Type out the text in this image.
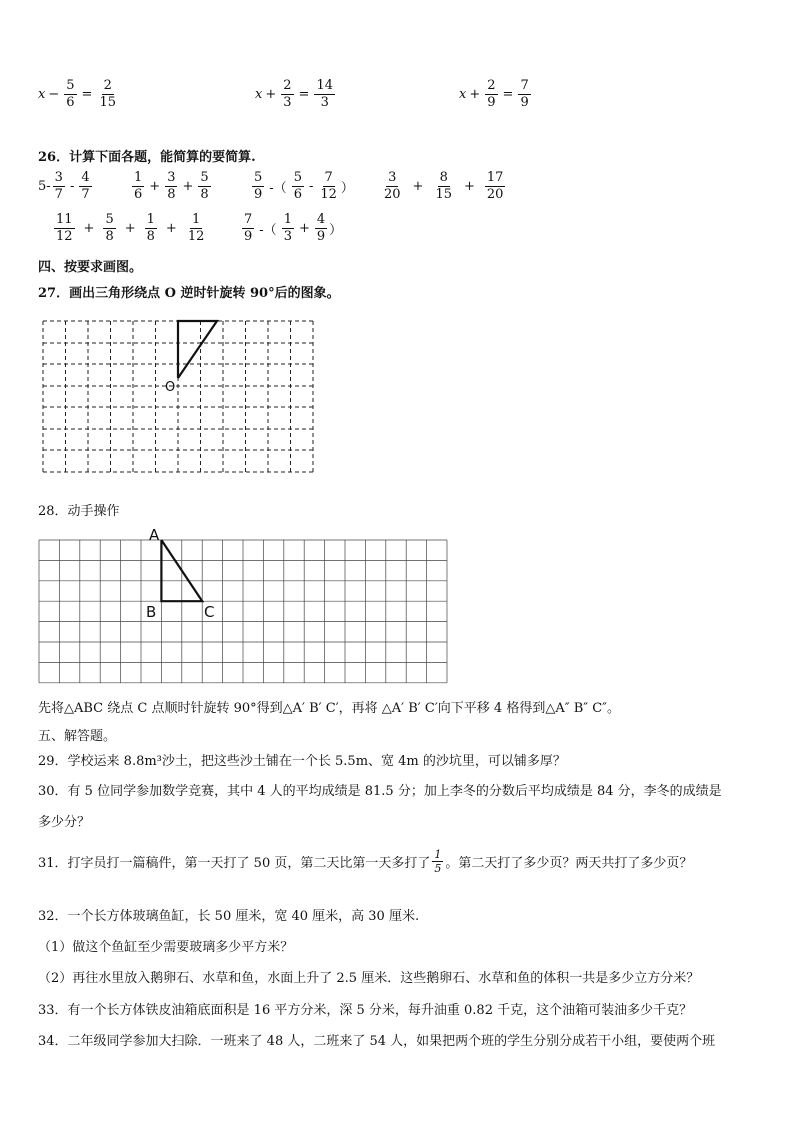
$x - \frac{5}{6} = \frac{2}{15}$	$x + \frac{2}{3} = \frac{14}{3}$	$x + \frac{2}{9} = \frac{7}{9}$
26．计算下面各题，能简算的要简算.
$5- \frac{3}{7} - \frac{4}{7}$	$\frac{1}{6} + \frac{3}{8} + \frac{5}{8}$	$\frac{5}{9}$ -（ $\frac{5}{6} - \frac{7}{12}$ ） $\frac{3}{20} + \frac{8}{15} + \frac{17}{20}$
$\frac{11}{12} + \frac{5}{8} + \frac{1}{8} + \frac{1}{12}$	$\frac{7}{9}$ -（ $\frac{1}{3} + \frac{4}{9}$ ）
四、按要求画图。
27．画出三角形绕点 O 逆时针旋转 90°后的图象。
O
28．动手操作
A
B	C
先将△ABC 绕点 C 点顺时针旋转 90°得到△A′ B′ C′，再将 △A′ B′ C′向下平移 4 格得到△A″ B″ C″。
五、解答题。
29．学校运来 8.8m³沙土，把这些沙土铺在一个长 5.5m、宽 4m 的沙坑里，可以铺多厚？
30．有 5 位同学参加数学竞赛，其中 4 人的平均成绩是 81.5 分；加上李冬的分数后平均成绩是 84 分，李冬的成绩是
多少分？
31．打字员打一篇稿件，第一天打了 50 页，第二天比第一天多打了 $\frac{1}{5}$ 。第二天打了多少页？两天共打了多少页？
32．一个长方体玻璃鱼缸，长 50 厘米，宽 40 厘米，高 30 厘米.
（1）做这个鱼缸至少需要玻璃多少平方米？
（2）再往水里放入鹅卵石、水草和鱼，水面上升了 2.5 厘米．这些鹅卵石、水草和鱼的体积一共是多少立方分米？
33．有一个长方体铁皮油箱底面积是 16 平方分米，深 5 分米，每升油重 0.82 千克，这个油箱可装油多少千克？
34．二年级同学参加大扫除．一班来了 48 人，二班来了 54 人，如果把两个班的学生分别分成若干小组，要使两个班
